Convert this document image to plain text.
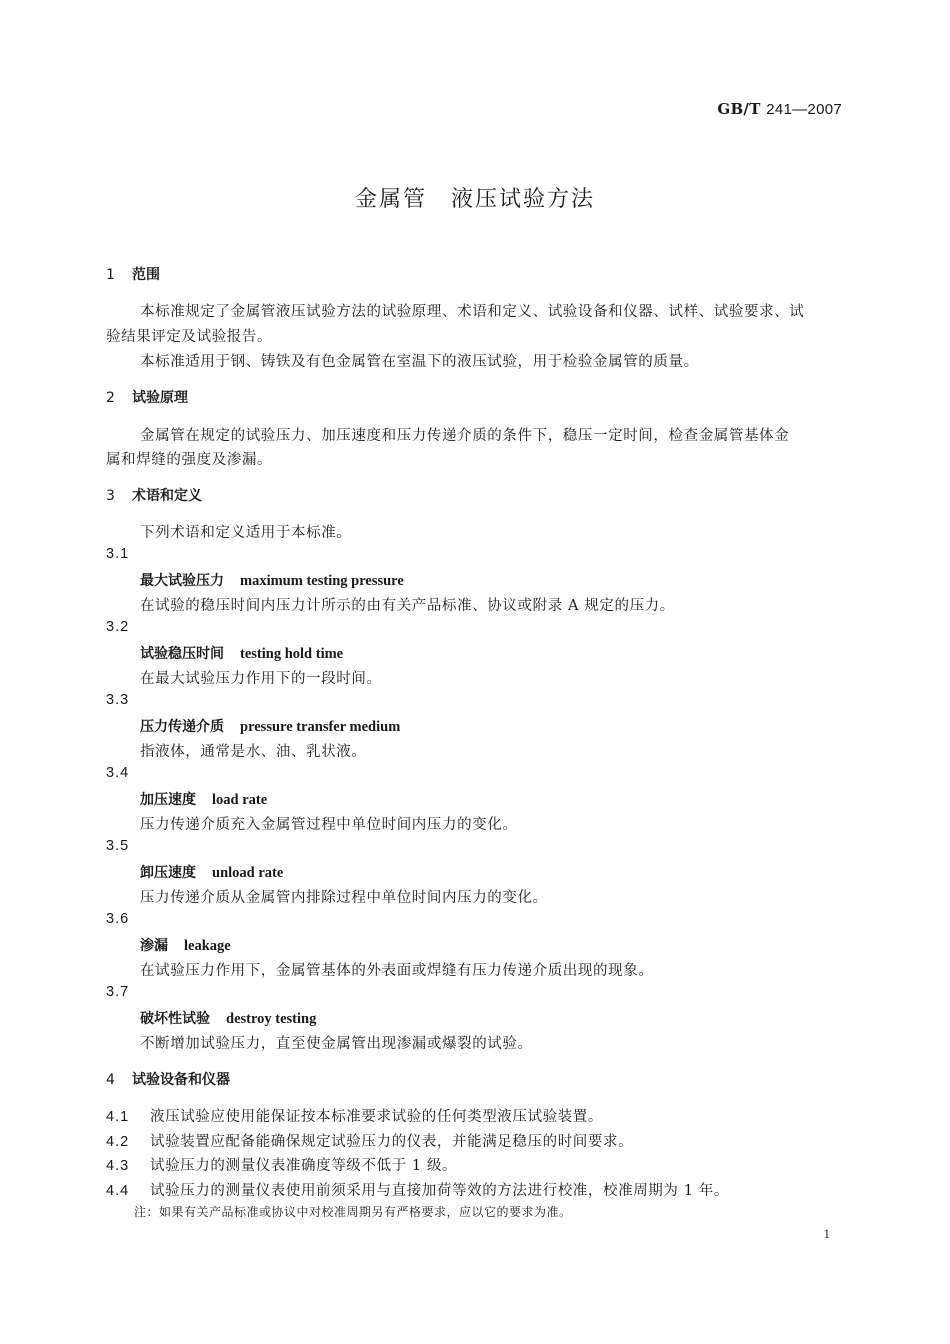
GB/T 241—2007
金属管　液压试验方法
1 范围
本标准规定了金属管液压试验方法的试验原理、术语和定义、试验设备和仪器、试样、试验要求、试
验结果评定及试验报告。
本标准适用于钢、铸铁及有色金属管在室温下的液压试验，用于检验金属管的质量。
2 试验原理
金属管在规定的试验压力、加压速度和压力传递介质的条件下，稳压一定时间，检查金属管基体金
属和焊缝的强度及渗漏。
3 术语和定义
下列术语和定义适用于本标准。
3.1
最大试验压力 maximum testing pressure
在试验的稳压时间内压力计所示的由有关产品标准、协议或附录 A 规定的压力。
3.2
试验稳压时间 testing hold time
在最大试验压力作用下的一段时间。
3.3
压力传递介质 pressure transfer medium
指液体，通常是水、油、乳状液。
3.4
加压速度 load rate
压力传递介质充入金属管过程中单位时间内压力的变化。
3.5
卸压速度 unload rate
压力传递介质从金属管内排除过程中单位时间内压力的变化。
3.6
渗漏 leakage
在试验压力作用下，金属管基体的外表面或焊缝有压力传递介质出现的现象。
3.7
破坏性试验 destroy testing
不断增加试验压力，直至使金属管出现渗漏或爆裂的试验。
4 试验设备和仪器
4.1 液压试验应使用能保证按本标准要求试验的任何类型液压试验装置。
4.2 试验装置应配备能确保规定试验压力的仪表，并能满足稳压的时间要求。
4.3 试验压力的测量仪表准确度等级不低于 1 级。
4.4 试验压力的测量仪表使用前须采用与直接加荷等效的方法进行校准，校准周期为 1 年。
注：如果有关产品标准或协议中对校准周期另有严格要求，应以它的要求为准。
1
